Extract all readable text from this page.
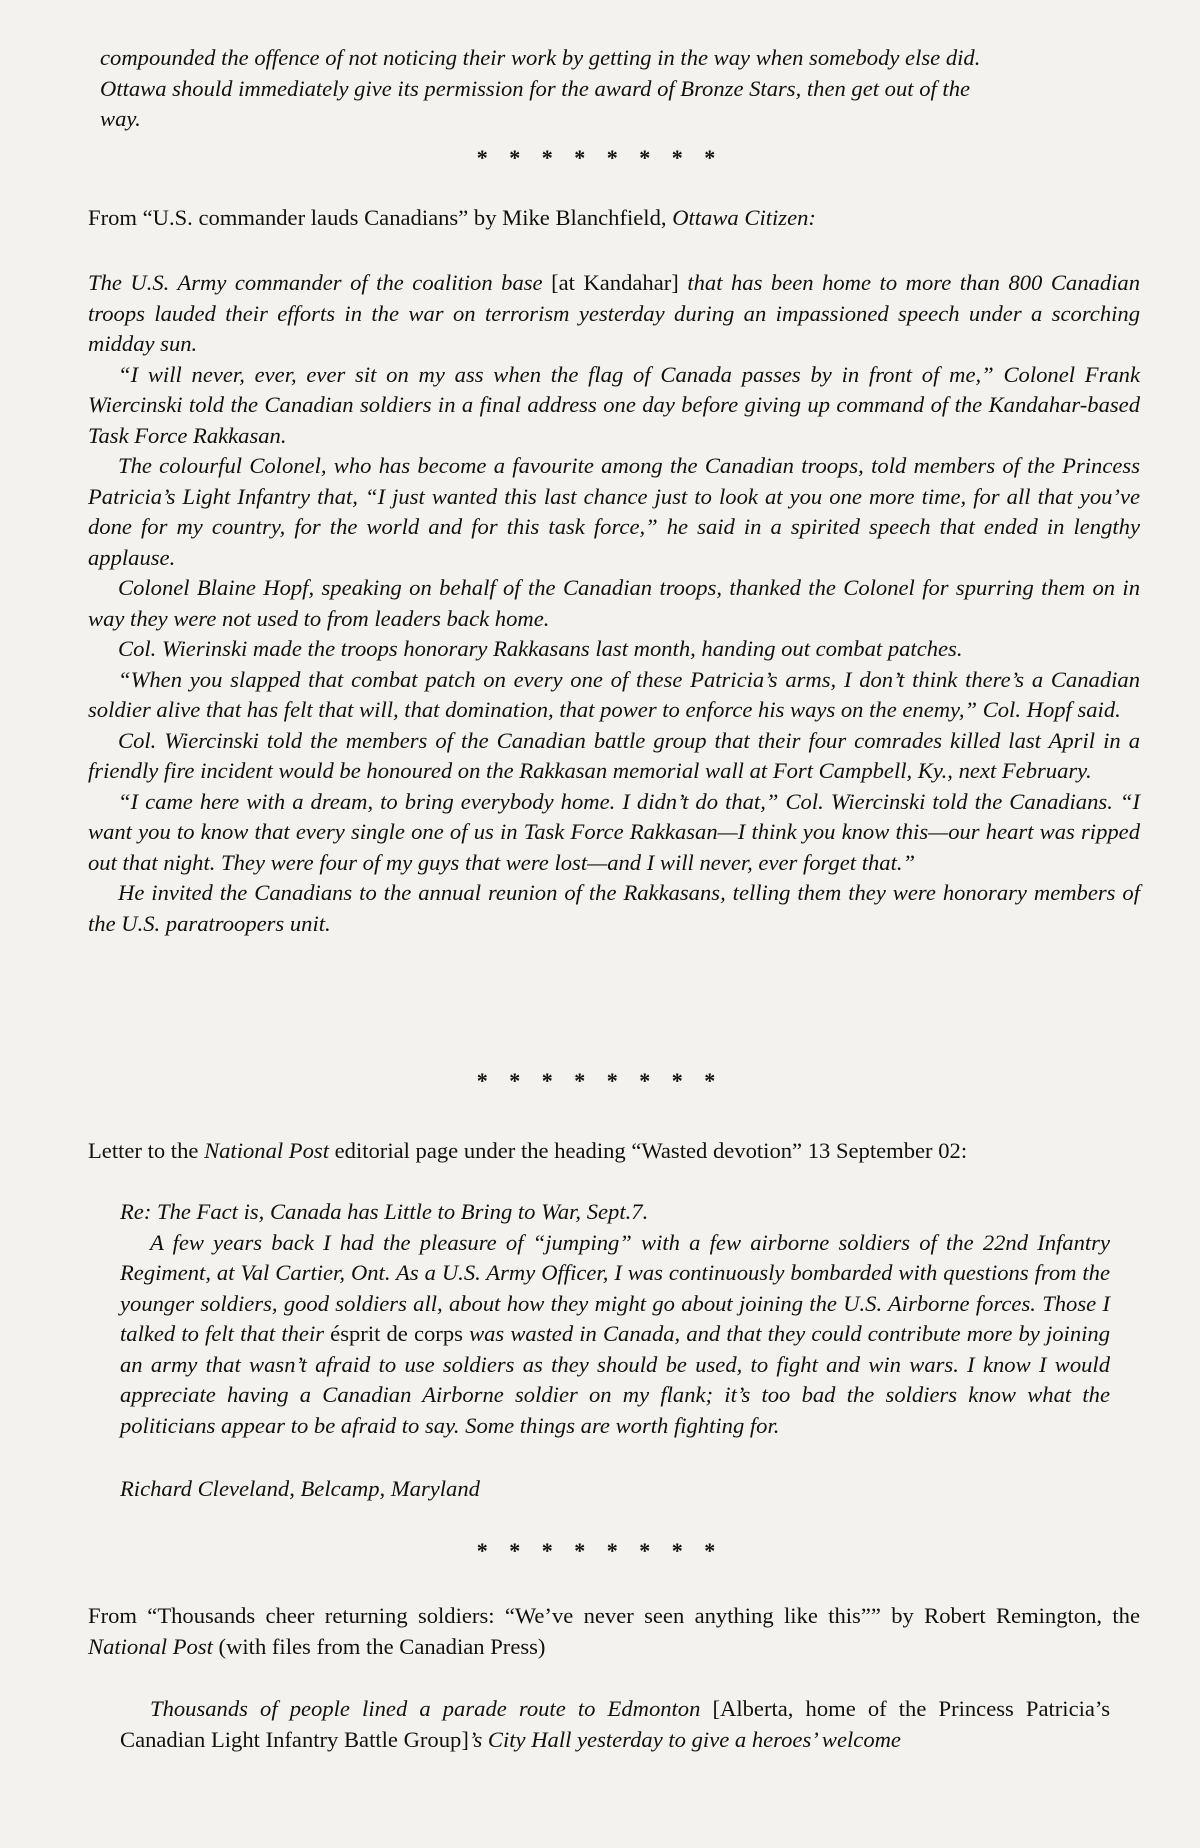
compounded the offence of not noticing their work by getting in the way when somebody else did.

Ottawa should immediately give its permission for the award of Bronze Stars, then get out of the way.

* * * * * * * *

From “U.S. commander lauds Canadians” by Mike Blanchfield, Ottawa Citizen:

The U.S. Army commander of the coalition base [at Kandahar] that has been home to more than 800 Canadian troops lauded their efforts in the war on terrorism yesterday during an impassioned speech under a scorching midday sun.

“I will never, ever, ever sit on my ass when the flag of Canada passes by in front of me,” Colonel Frank Wiercinski told the Canadian soldiers in a final address one day before giving up command of the Kandahar-based Task Force Rakkasan.

The colourful Colonel, who has become a favourite among the Canadian troops, told members of the Princess Patricia’s Light Infantry that, “I just wanted this last chance just to look at you one more time, for all that you’ve done for my country, for the world and for this task force,” he said in a spirited speech that ended in lengthy applause.

Colonel Blaine Hopf, speaking on behalf of the Canadian troops, thanked the Colonel for spurring them on in way they were not used to from leaders back home.

Col. Wierinski made the troops honorary Rakkasans last month, handing out combat patches.

“When you slapped that combat patch on every one of these Patricia’s arms, I don’t think there’s a Canadian soldier alive that has felt that will, that domination, that power to enforce his ways on the enemy,” Col. Hopf said.

Col. Wiercinski told the members of the Canadian battle group that their four comrades killed last April in a friendly fire incident would be honoured on the Rakkasan memorial wall at Fort Campbell, Ky., next February.

“I came here with a dream, to bring everybody home. I didn’t do that,” Col. Wiercinski told the Canadians. “I want you to know that every single one of us in Task Force Rakkasan—I think you know this—our heart was ripped out that night. They were four of my guys that were lost—and I will never, ever forget that.”

He invited the Canadians to the annual reunion of the Rakkasans, telling them they were honorary members of the U.S. paratroopers unit.

* * * * * * * *

Letter to the National Post editorial page under the heading “Wasted devotion” 13 September 02:

Re: The Fact is, Canada has Little to Bring to War, Sept.7.

A few years back I had the pleasure of “jumping” with a few airborne soldiers of the 22nd Infantry Regiment, at Val Cartier, Ont. As a U.S. Army Officer, I was continuously bombarded with questions from the younger soldiers, good soldiers all, about how they might go about joining the U.S. Airborne forces. Those I talked to felt that their ésprit de corps was wasted in Canada, and that they could contribute more by joining an army that wasn’t afraid to use soldiers as they should be used, to fight and win wars. I know I would appreciate having a Canadian Airborne soldier on my flank; it’s too bad the soldiers know what the politicians appear to be afraid to say. Some things are worth fighting for.

Richard Cleveland, Belcamp, Maryland

* * * * * * * *

From “Thousands cheer returning soldiers: “We’ve never seen anything like this”” by Robert Remington, the National Post (with files from the Canadian Press)

Thousands of people lined a parade route to Edmonton [Alberta, home of the Princess Patricia’s Canadian Light Infantry Battle Group]’s City Hall yesterday to give a heroes’ welcome
